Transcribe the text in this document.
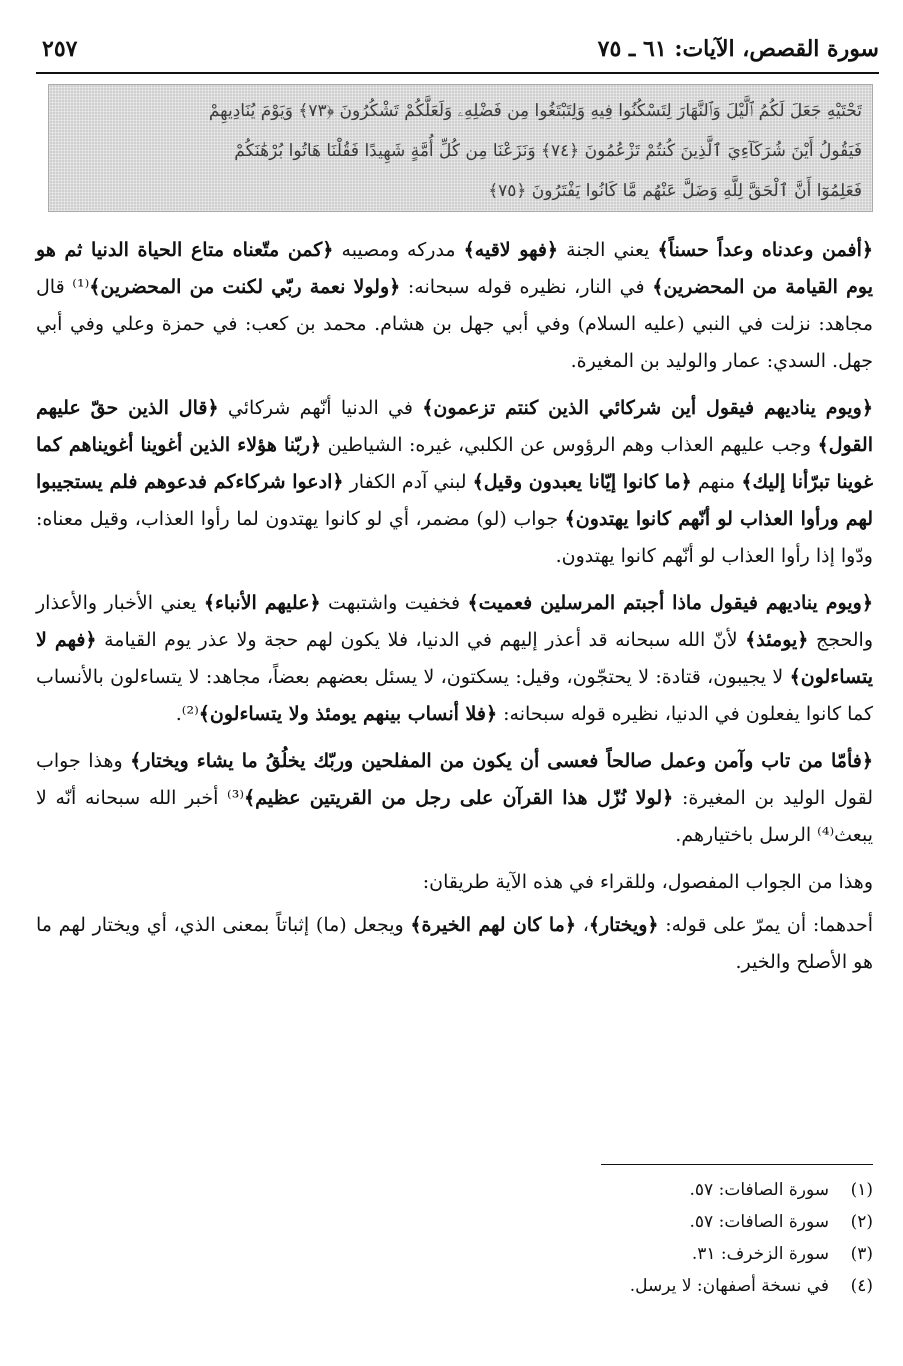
سورة القصص، الآيات: ٦١ ـ ٧٥
٢٥٧
تَحْتَيْهِ جَعَلَ لَكُمُ ٱلَّيْلَ وَٱلنَّهَارَ لِتَسْكُنُوا فِيهِ وَلِتَبْتَغُوا مِن فَضْلِهِۦ وَلَعَلَّكُمْ تَشْكُرُونَ ﴿٧٣﴾ وَيَوْمَ يُنَادِيهِمْ
فَيَقُولُ أَيْنَ شُرَكَآءِيَ ٱلَّذِينَ كُنتُمْ تَزْعُمُونَ ﴿٧٤﴾ وَنَزَعْنَا مِن كُلِّ أُمَّةٍ شَهِيدًا فَقُلْنَا هَاتُوا بُرْهَٰنَكُمْ
فَعَلِمُوٓا أَنَّ ٱلْحَقَّ لِلَّهِ وَضَلَّ عَنْهُم مَّا كَانُوا يَفْتَرُونَ ﴿٧٥﴾

﴿أفمن وعدناه وعداً حسناً﴾ يعني الجنة ﴿فهو لاقيه﴾ مدركه ومصيبه ﴿كمن متّعناه متاع الحياة الدنيا ثم هو يوم القيامة من المحضرين﴾ في النار، نظيره قوله سبحانه: ﴿ولولا نعمة ربّي لكنت من المحضرين﴾⁽¹⁾ قال مجاهد: نزلت في النبي (عليه السلام) وفي أبي جهل بن هشام. محمد بن كعب: في حمزة وعلي وفي أبي جهل. السدي: عمار والوليد بن المغيرة.

﴿ويوم يناديهم فيقول أين شركائي الذين كنتم تزعمون﴾ في الدنيا أنّهم شركائي ﴿قال الذين حقّ عليهم القول﴾ وجب عليهم العذاب وهم الرؤوس عن الكلبي، غيره: الشياطين ﴿ربّنا هؤلاء الذين أغوينا أغويناهم كما غوينا تبرّأنا إليك﴾ منهم ﴿ما كانوا إيّانا يعبدون وقيل﴾ لبني آدم الكفار ﴿ادعوا شركاءكم فدعوهم فلم يستجيبوا لهم ورأوا العذاب لو أنّهم كانوا يهتدون﴾ جواب (لو) مضمر، أي لو كانوا يهتدون لما رأوا العذاب، وقيل معناه: ودّوا إذا رأوا العذاب لو أنّهم كانوا يهتدون.

﴿ويوم يناديهم فيقول ماذا أجبتم المرسلين فعميت﴾ فخفيت واشتبهت ﴿عليهم الأنباء﴾ يعني الأخبار والأعذار والحجج ﴿يومئذ﴾ لأنّ الله سبحانه قد أعذر إليهم في الدنيا، فلا يكون لهم حجة ولا عذر يوم القيامة ﴿فهم لا يتساءلون﴾ لا يجيبون، قتادة: لا يحتجّون، وقيل: يسكتون، لا يسئل بعضهم بعضاً، مجاهد: لا يتساءلون بالأنساب كما كانوا يفعلون في الدنيا، نظيره قوله سبحانه: ﴿فلا أنساب بينهم يومئذ ولا يتساءلون﴾⁽²⁾.

﴿فأمّا من تاب وآمن وعمل صالحاً فعسى أن يكون من المفلحين وربّك يخلُقُ ما يشاء ويختار﴾ وهذا جواب لقول الوليد بن المغيرة: ﴿لولا نُزّل هذا القرآن على رجل من القريتين عظيم﴾⁽³⁾ أخبر الله سبحانه أنّه لا يبعث⁽⁴⁾ الرسل باختيارهم.

وهذا من الجواب المفصول، وللقراء في هذه الآية طريقان:

أحدهما: أن يمرّ على قوله: ﴿ويختار﴾، ﴿ما كان لهم الخيرة﴾ ويجعل (ما) إثباتاً بمعنى الذي، أي ويختار لهم ما هو الأصلح والخير.

(١)سورة الصافات: ٥٧.
(٢)سورة الصافات: ٥٧.
(٣)سورة الزخرف: ٣١.
(٤)في نسخة أصفهان: لا يرسل.
